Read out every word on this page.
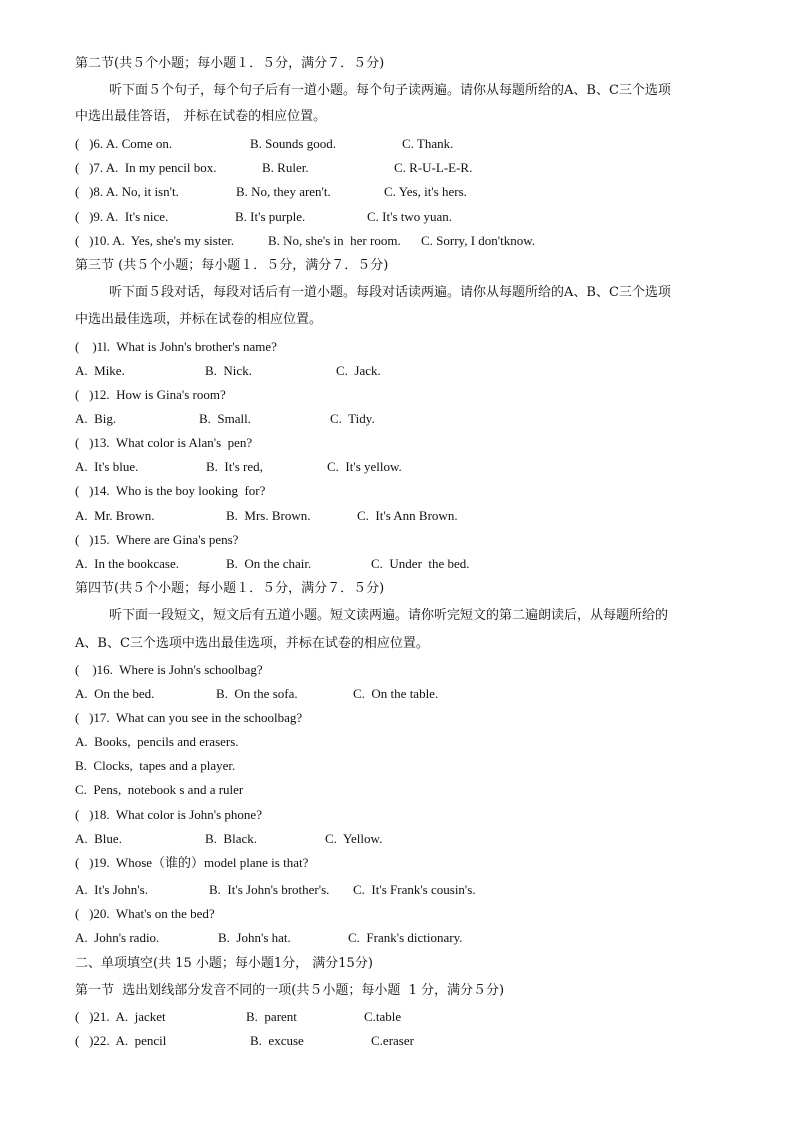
第二节(共５个小题；每小题１．５分，满分７．５分)
听下面５个句子，每个句子后有一道小题。每个句子读两遍。请你从每题所给的A、B、C三个选项
中选出最佳答语， 并标在试卷的相应位置。
(   )6. A. Come on.	B. Sounds good.	C. Thank.
(   )7. A.  In my pencil box.	B. Ruler.	C. R-U-L-E-R.
(   )8. A. No, it isn't.	B. No, they aren't.	C. Yes, it's hers.
(   )9. A.  It's nice.	B. It's purple.	C. It's two yuan.
(   )10. A.  Yes, she's my sister.	B. No, she's in  her room. C. Sorry, I don'tknow.
第三节 (共５个小题；每小题１．５分，满分７．５分)
听下面５段对话，每段对话后有一道小题。每段对话读两遍。请你从每题所给的A、B、C三个选项
中选出最佳选项，并标在试卷的相应位置。
(    )1l.  What is John's brother's name?
A.  Mike.	B.  Nick.	C.  Jack.
(   )12.  How is Gina's room?
A.  Big.	B.  Small.	C.  Tidy.
(   )13.  What color is Alan's  pen?
A.  It's blue.	B.  It's red,	C.  It's yellow.
(   )14.  Who is the boy looking  for?
A.  Mr. Brown.	B.  Mrs. Brown.	C.  It's Ann Brown.
(   )15.  Where are Gina's pens?
A.  In the bookcase.	B.  On the chair.	C.  Under  the bed.
第四节(共５个小题；每小题１．５分，满分７．５分)
听下面一段短文，短文后有五道小题。短文读两遍。请你听完短文的第二遍朗读后，从每题所给的
A、B、C三个选项中选出最佳选项，并标在试卷的相应位置。
(    )16.  Where is John's schoolbag?
A.  On the bed.	B.  On the sofa.	C.  On the table.
(   )17.  What can you see in the schoolbag?
A.  Books,  pencils and erasers.
B.  Clocks,  tapes and a player.
C.  Pens,  notebook s and a ruler
(   )18.  What color is John's phone?
A.  Blue.	B.  Black.	C.  Yellow.
(   )19.  Whose（谁的）model plane is that?
A.  It's John's.	B.  It's John's brother's. C.  It's Frank's cousin's.
(   )20.  What's on the bed?
A.  John's radio.	B.  John's hat.	C.  Frank's dictionary.
二、单项填空(共 15 小题；每小题1分， 满分15分)
第一节  选出划线部分发音不同的一项(共５小题；每小题  1 分，满分５分)
(   )21.  A.  jacket	B.  parent	C.table
(   )22.  A.  pencil	B.  excuse	C.eraser
